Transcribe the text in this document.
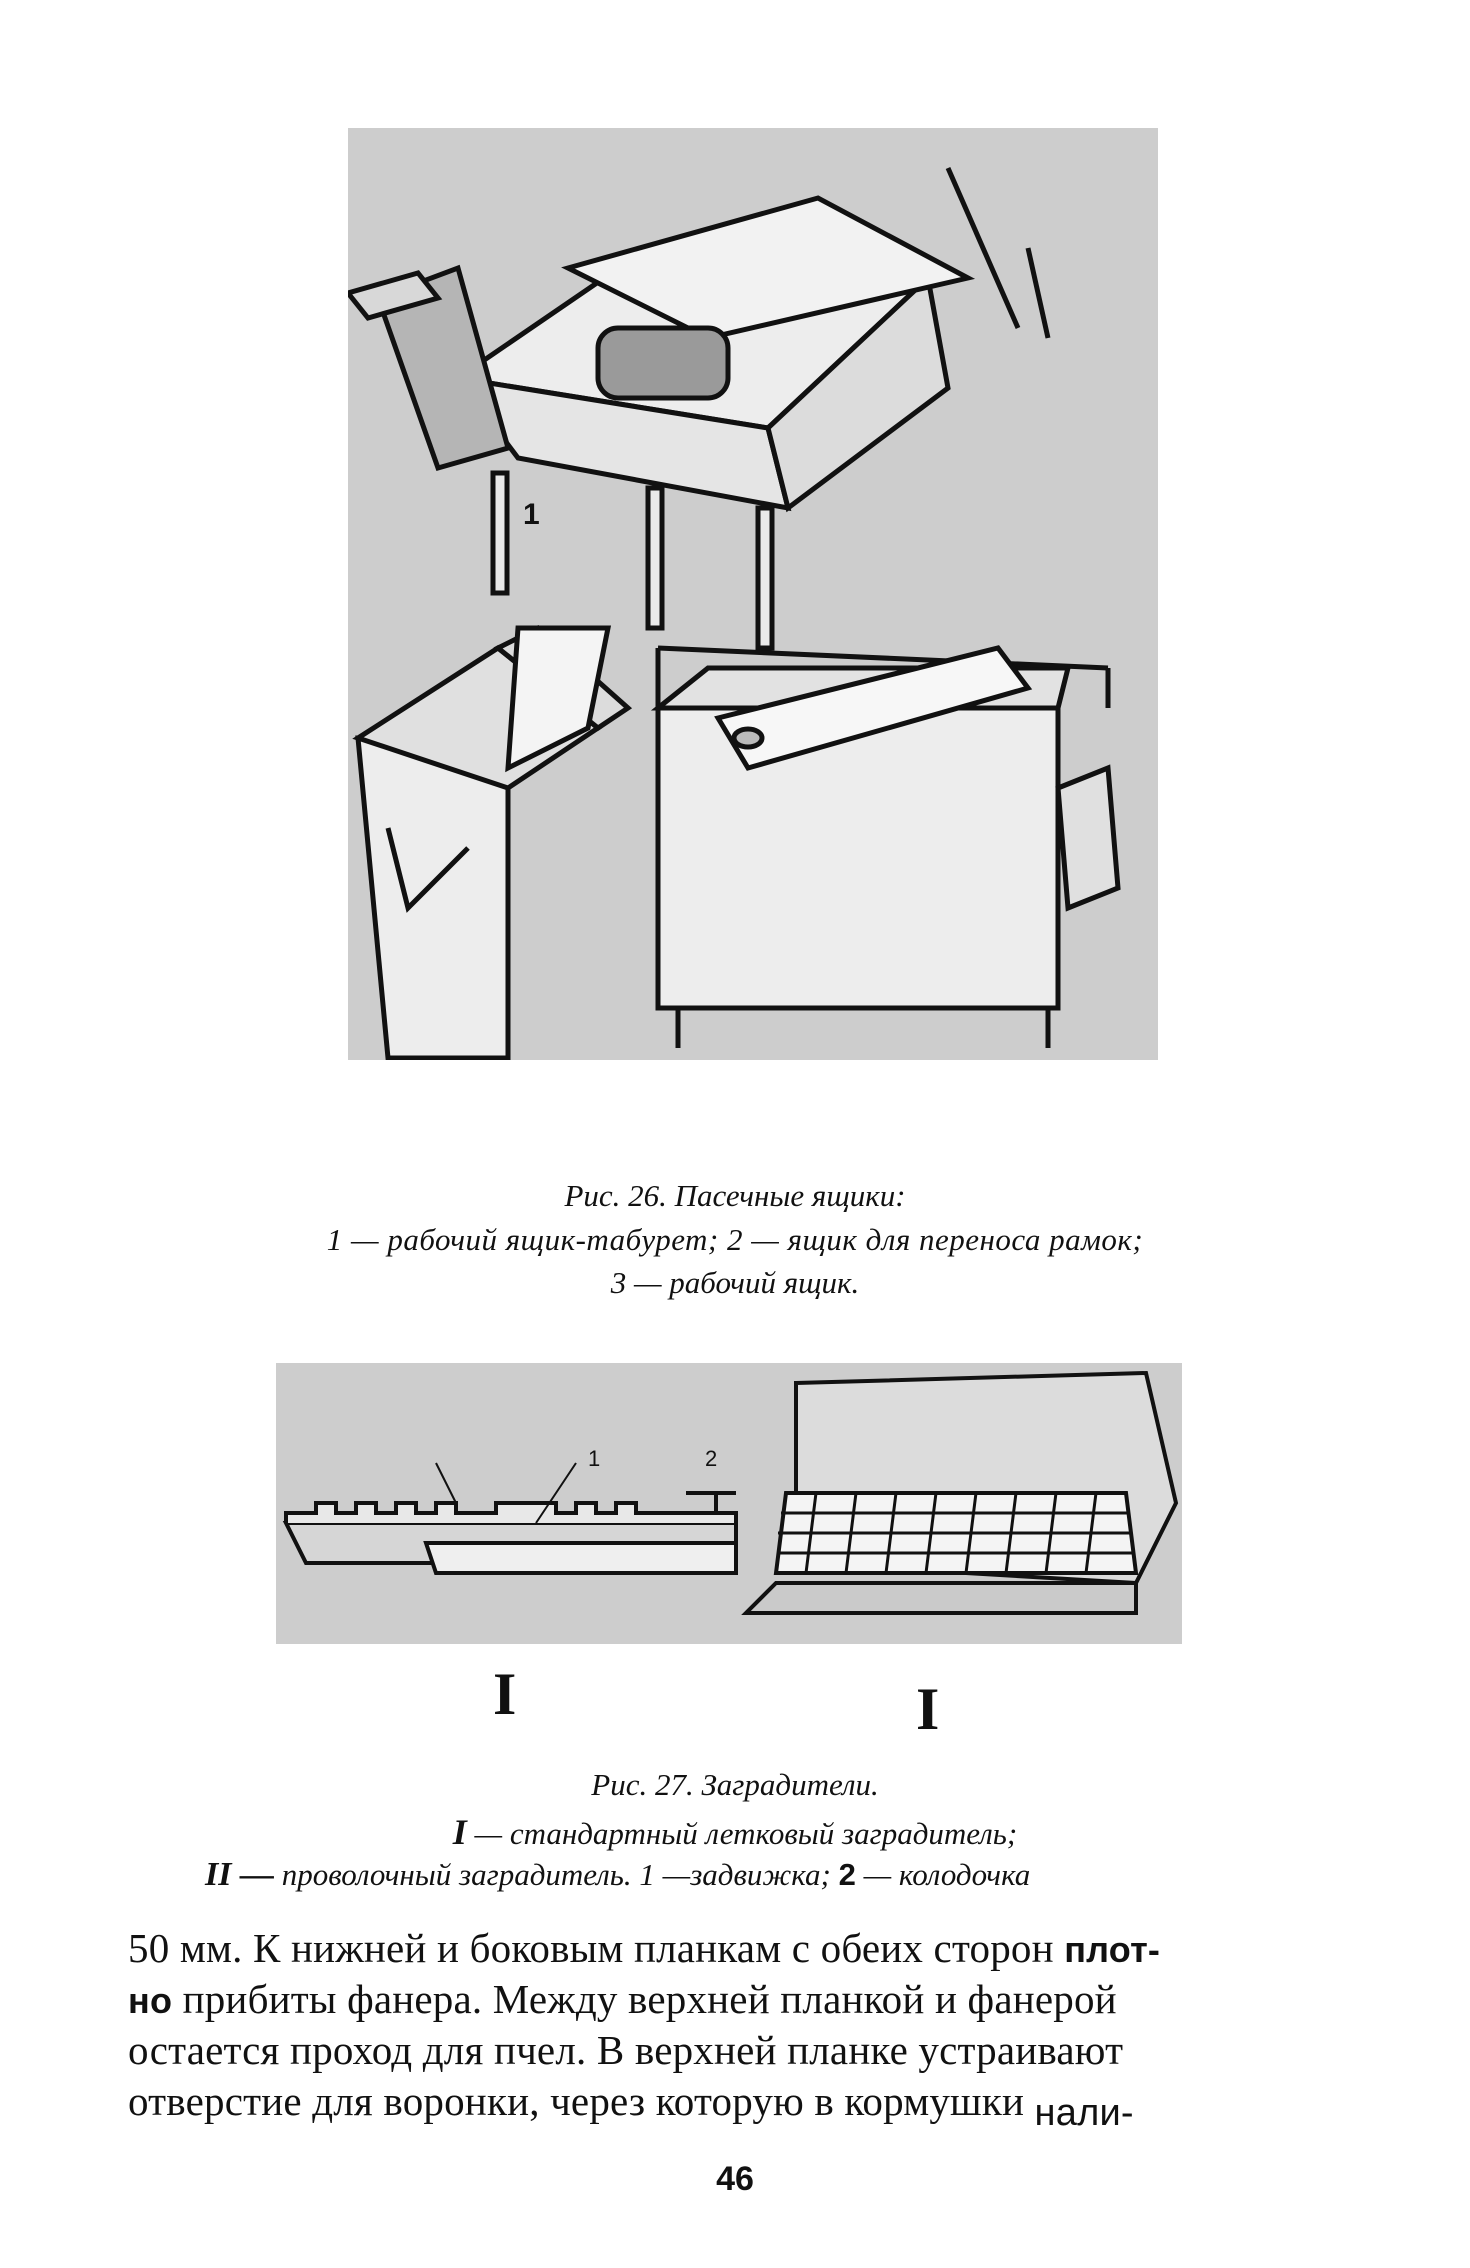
1
Рис. 26. Пасечные ящики:
1 — рабочий ящик-табурет; 2 — ящик для переноса рамок;
3 — рабочий ящик.
1	2
I	I
Рис. 27. Заградители.
I — стандартный летковый заградитель;
II — проволочный заградитель. 1 —задвижка; 2 — колодочка
50 мм. К нижней и боковым планкам с обеих сторон плот-
но прибиты фанера. Между верхней планкой и фанерой
остается проход для пчел. В верхней планке устраивают
отверстие для воронки, через которую в кормушки нали-
46
